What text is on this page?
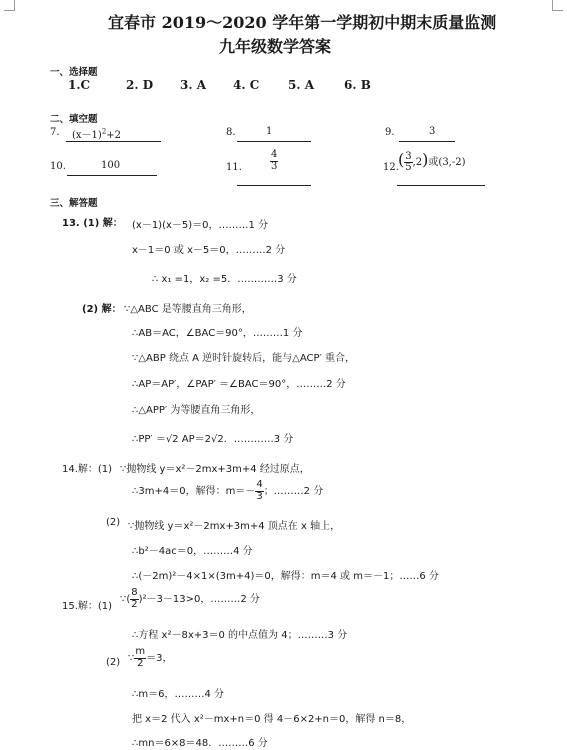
宜春市 2019～2020 学年第一学期初中期末质量监测
九年级数学答案
一、选择题
1.C	2. D 3. A 4. C 5. A 6. B
二、填空题
7. $(x-1)^2+2$	8.	1	9.	3
10.	100	11.	$\frac{4}{3}$	12. ( $\frac{3}{5} ,2$)或(3,-2)
三、解答题
13. (1) 解： (x－1)(x－5)＝0，………1 分
x－1＝0 或 x－5＝0，………2 分
∴ x₁ =1，x₂ =5．…………3 分
(2) 解： ∵△ABC 是等腰直角三角形，
∴AB＝AC，∠BAC＝90°，………1 分
∵△ABP 绕点 A 逆时针旋转后，能与△ACP′ 重合，
∴AP＝AP′，∠PAP′ ＝∠BAC＝90°，………2 分
∴△APP′ 为等腰直角三角形，
∴PP′ ＝√2 AP＝2√2．…………3 分
14.解：(1) ∵抛物线 y＝x²－2mx+3m+4 经过原点，
∴3m+4＝0，解得：$m=- \frac{4}{3}$ ；………2 分
(2) ∵抛物线 y＝x²－2mx+3m+4 顶点在 x 轴上，
∴b²－4ac＝0，………4 分
∴(－2m)²－4×1×(3m+4)＝0，解得：m＝4 或 m＝－1；……6 分
15.解：(1)
∵( $\frac{8}{2} )^2-3-13>0$，………2 分
∴方程 x²－8x+3＝0 的中点值为 4；………3 分
(2) ∵ $\frac{m}{2} =3$，
∴m＝6，………4 分
把 x＝2 代入 x²－mx+n＝0 得 4－6×2+n＝0，解得 n＝8，
∴mn＝6×8＝48．………6 分
